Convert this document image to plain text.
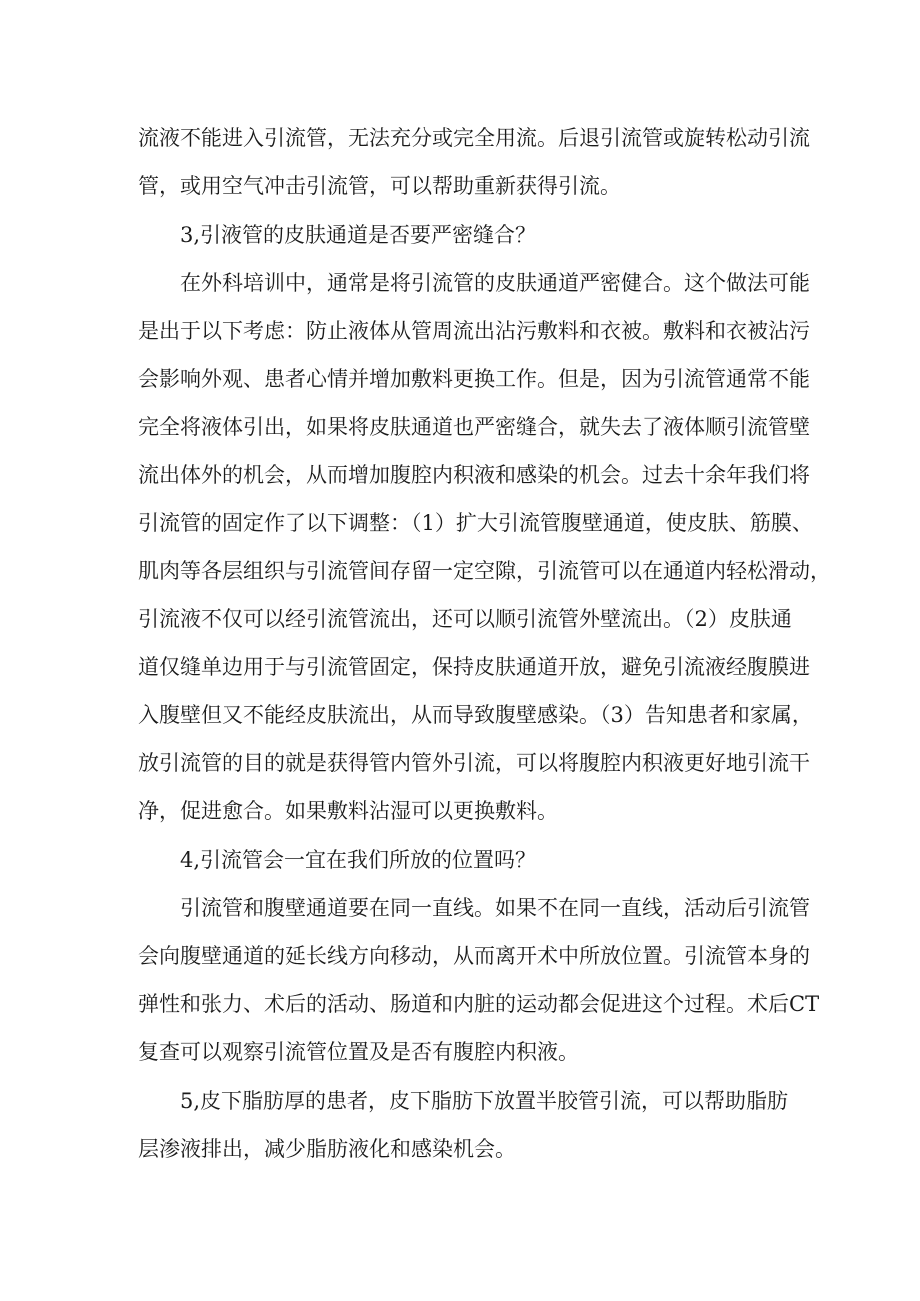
流液不能进入引流管，无法充分或完全用流。后退引流管或旋转松动引流
管，或用空气冲击引流管，可以帮助重新获得引流。
3,引液管的皮肤通道是否要严密缝合？
在外科培训中，通常是将引流管的皮肤通道严密健合。这个做法可能
是出于以下考虑：防止液体从管周流出沾污敷料和衣被。敷料和衣被沾污
会影响外观、患者心情并增加敷料更换工作。但是，因为引流管通常不能
完全将液体引出，如果将皮肤通道也严密缝合，就失去了液体顺引流管壁
流出体外的机会，从而增加腹腔内积液和感染的机会。过去十余年我们将
引流管的固定作了以下调整：（1）扩大引流管腹壁通道，使皮肤、筋膜、
肌肉等各层组织与引流管间存留一定空隙，引流管可以在通道内轻松滑动，
引流液不仅可以经引流管流出，还可以顺引流管外壁流出。（2）皮肤通
道仅缝单边用于与引流管固定，保持皮肤通道开放，避免引流液经腹膜进
入腹壁但又不能经皮肤流出，从而导致腹壁感染。（3）告知患者和家属，
放引流管的目的就是获得管内管外引流，可以将腹腔内积液更好地引流干
净，促进愈合。如果敷料沾湿可以更换敷料。
4,引流管会一宜在我们所放的位置吗？
引流管和腹壁通道要在同一直线。如果不在同一直线，活动后引流管
会向腹壁通道的延长线方向移动，从而离开术中所放位置。引流管本身的
弹性和张力、术后的活动、肠道和内脏的运动都会促进这个过程。术后CT
复查可以观察引流管位置及是否有腹腔内积液。
5,皮下脂肪厚的患者，皮下脂肪下放置半胶管引流，可以帮助脂肪
层渗液排出，减少脂肪液化和感染机会。
